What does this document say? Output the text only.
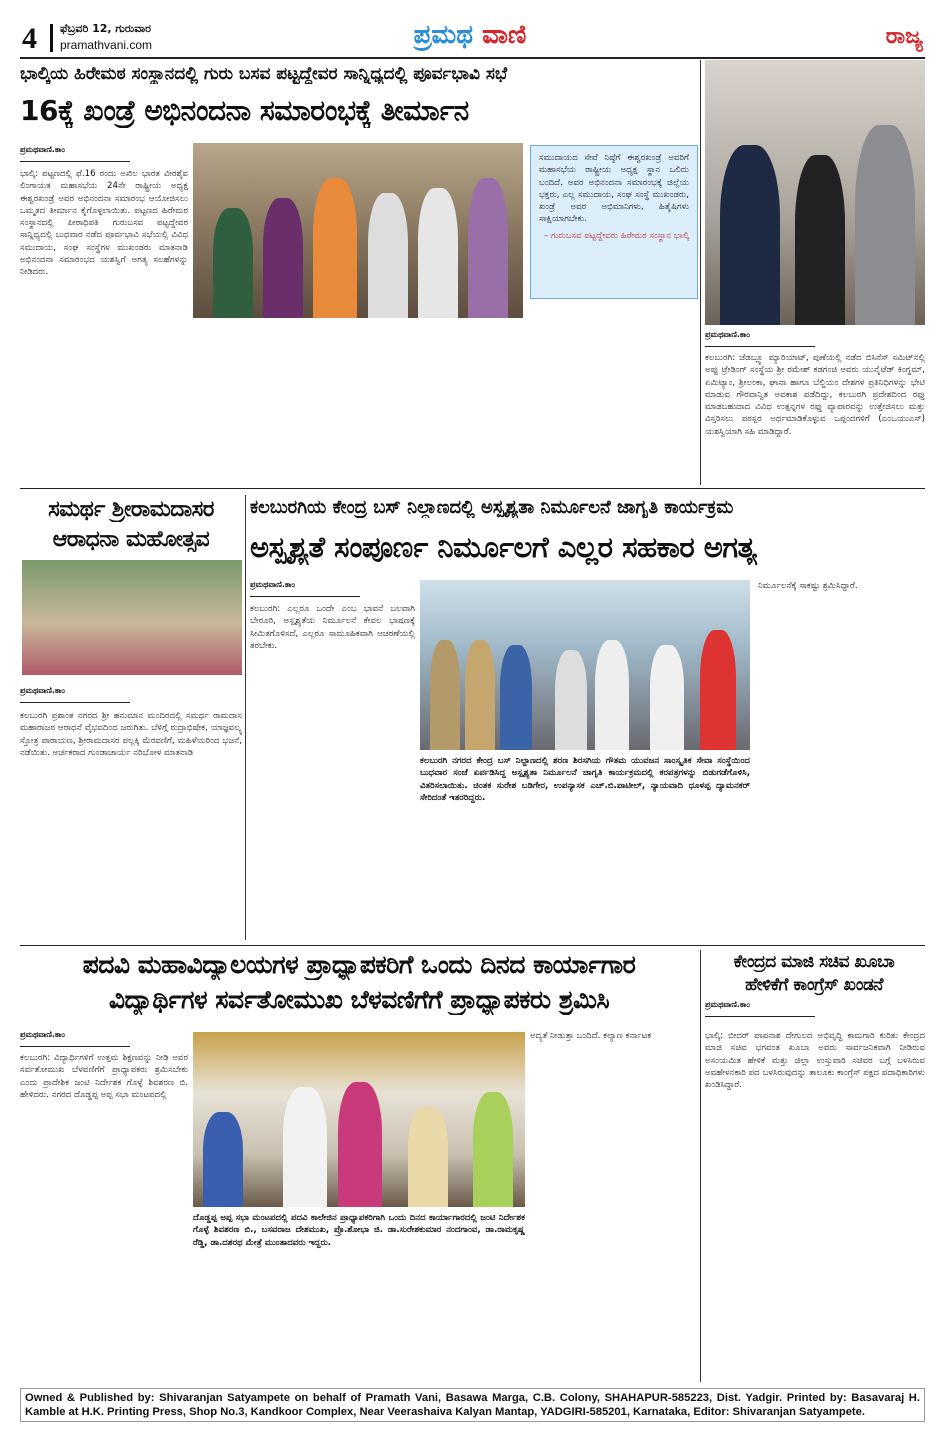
4 ಫೆಬ್ರವರಿ 12, ಗುರುವಾರ
pramathvani.com	ಪ್ರಮಥ ವಾಣಿ	ರಾಜ್ಯ
ಭಾಲ್ಕಿಯ ಹಿರೇಮಠ ಸಂಸ್ಥಾನದಲ್ಲಿ ಗುರು ಬಸವ ಪಟ್ಟದ್ದೇವರ ಸಾನ್ನಿಧ್ಯದಲ್ಲಿ ಪೂರ್ವಭಾವಿ ಸಭೆ
16ಕ್ಕೆ ಖಂಡ್ರೆ ಅಭಿನಂದನಾ ಸಮಾರಂಭಕ್ಕೆ ತೀರ್ಮಾನ
ಪ್ರಮಥವಾಣಿ.ಕಾಂ
ಭಾಲ್ಕಿ: ಪಟ್ಟಣದಲ್ಲಿ ಫೆ.16 ರಂದು ಅಖಿಲ ಭಾರತ ವೀರಶೈವ ಲಿಂಗಾಯತ ಮಹಾಸಭೆಯ 24ನೇ ರಾಷ್ಟ್ರೀಯ ಅಧ್ಯಕ್ಷ ಈಶ್ವರಖಂಡ್ರೆ ಅವರ ಅಭಿನಂದನಾ ಸಮಾರಂಭ ಆಯೋಜಿಸಲು ಒಮ್ಮತದ ತೀರ್ಮಾನ ಕೈಗೊಳ್ಳಲಾಯಿತು. ಪಟ್ಟಣದ ಹಿರೇಮಠ ಸಂಸ್ಥಾನದಲ್ಲಿ ಪೀಠಾಧಿಪತಿ ಗುರುಬಸವ ಪಟ್ಟದ್ದೇವರ ಸಾನ್ನಿಧ್ಯದಲ್ಲಿ ಬುಧವಾರ ನಡೆದ ಪೂರ್ವಭಾವಿ ಸಭೆಯಲ್ಲಿ ವಿವಿಧ ಸಮುದಾಯ, ಸಂಘ ಸಂಸ್ಥೆಗಳ ಮುಖಂಡರು ಮಾತನಾಡಿ ಅಭಿನಂದನಾ ಸಮಾರಂಭದ ಯಶಸ್ವಿಗೆ ಅಗತ್ಯ ಸಲಹೆಗಳನ್ನು ನೀಡಿದರು.
ಸಮುದಾಯದ ಸೇವೆ ನಿಷ್ಠೆಗೆ ಈಶ್ವರಖಂಡ್ರೆ ಅವರಿಗೆ ಮಹಾಸಭೆಯ ರಾಷ್ಟ್ರೀಯ ಅಧ್ಯಕ್ಷ ಸ್ಥಾನ ಒಲಿದು ಬಂದಿದೆ. ಅವರ ಅಭಿನಂದನಾ ಸಮಾರಂಭಕ್ಕೆ ಜಿಲ್ಲೆಯ ಭಕ್ತರು, ಎಲ್ಲ ಸಮುದಾಯ, ಸಂಘ ಸಂಸ್ಥೆ ಮುಖಂಡರು, ಖಂಡ್ರೆ ಅವರ ಅಭಿಮಾನಿಗಳು, ಹಿತೈಷಿಗಳು ಸಾಕ್ಷಿಯಾಗಬೇಕು.
– ಗುರುಬಸವ ಪಟ್ಟದ್ದೇವರು ಹಿರೇಮಠ ಸಂಸ್ಥಾನ ಭಾಲ್ಕಿ
ಪ್ರಮಥವಾಣಿ.ಕಾಂ
ಕಲಬುರಗಿ: ಜೆಡಬ್ಲ್ಯೂ ಮ್ಯಾರಿಯಾಟ್, ಪುಣೆಯಲ್ಲಿ ನಡೆದ ಬಿಸಿನೆಸ್ ಸಮಿಟ್‌ನಲ್ಲಿ ಅಪ್ಪು ಟ್ರೇಡಿಂಗ್ ಸಂಸ್ಥೆಯ ಶ್ರೀ ರಮೇಶ್ ಕಡಗಂಚಿ ಅವರು ಯುನೈಟೆಡ್ ಕಿಂಗ್ಡಮ್, ಏಮಿಟ್ಯಾಂ, ಶ್ರೀಲಂಕಾ, ಘಾನಾ ಹಾಗೂ ಬೆಲ್ಜಿಯಂ ದೇಶಗಳ ಪ್ರತಿನಿಧಿಗಳನ್ನು ಭೇಟಿ ಮಾಡುವ ಗೌರವಾನ್ವಿತ ಅವಕಾಶ ಪಡೆದಿದ್ದು, ಕಲಬುರಗಿ ಪ್ರದೇಶದಿಂದ ರಫ್ತು ಮಾಡಬಹುದಾದ ವಿವಿಧ ಉತ್ಪನ್ನಗಳ ರಫ್ತು ವ್ಯಾಪಾರವನ್ನು ಉತ್ತೇಜಿಸಲು ಮತ್ತು ವಿಸ್ತರಿಸಲು ಪರಸ್ಪರ ಅರ್ಥಮಾಡಿಕೊಳ್ಳುವ ಒಪ್ಪಂದಗಳಿಗೆ (ಎಂಒಯುಎಸ್) ಯಶಸ್ವಿಯಾಗಿ ಸಹಿ ಮಾಡಿದ್ದಾರೆ.
ಸಮರ್ಥ ಶ್ರೀರಾಮದಾಸರ
ಆರಾಧನಾ ಮಹೋತ್ಸವ
ಪ್ರಮಥವಾಣಿ.ಕಾಂ
ಕಲಬುರಗಿ ಪ್ರಶಾಂತ ನಗರದ ಶ್ರೀ ಹನುಮಾನ ಮಂದಿರದಲ್ಲಿ ಸಮರ್ಥ ರಾಮದಾಸ ಮಹಾರಾಜರ ಆರಾಧನೆ ವೈಭವದಿಂದ ಜರುಗಿತು. ಬೆಳಿಗ್ಗೆ ರುದ್ರಾಭಿಷೇಕ, ಯಾಜ್ಞವಲ್ಕ್ಯ ಸ್ತೋತ್ರ ಪಾರಾಯಣ, ಶ್ರೀರಾಮದಾಸರ ಪಲ್ಲಕ್ಕಿ ಮೆರವಣಿಗೆ, ಮಹಿಳೆಯರಿಂದ ಭಜನೆ, ನಡೆಯಿತು. ಅರ್ಚಕರಾದ ಗುಂಡಾಚಾರ್ಯ ನರಿಬೋಳ ಮಾತನಾಡಿ
ಕಲಬುರಗಿಯ ಕೇಂದ್ರ ಬಸ್ ನಿಲ್ದಾಣದಲ್ಲಿ ಅಸ್ಪೃಶ್ಯತಾ ನಿರ್ಮೂಲನೆ ಜಾಗೃತಿ ಕಾರ್ಯಕ್ರಮ
ಅಸ್ಪೃಶ್ಯತೆ ಸಂಪೂರ್ಣ ನಿರ್ಮೂಲಗೆ ಎಲ್ಲರ ಸಹಕಾರ ಅಗತ್ಯ
ಪ್ರಮಥವಾಣಿ.ಕಾಂ
ಕಲಬುರಗಿ: ಎಲ್ಲರೂ ಒಂದೇ ಎಂಬ ಭಾವನೆ ಬಲವಾಗಿ ಬೇರೂರಿ, ಅಸ್ಪೃಶ್ಯತೆಯ ನಿರ್ಮೂಲನೆ ಕೇವಲ ಭಾಷಣಕ್ಕೆ ಸೀಮಿತಗೊಳಿಸದೆ, ಎಲ್ಲರೂ ಸಾಮೂಹಿಕವಾಗಿ ಆಚರಣೆಯಲ್ಲಿ ತರಬೇಕು.
ಕಲಬುರಗಿ ನಗರದ ಕೇಂದ್ರ ಬಸ್ ನಿಲ್ದಾಣದಲ್ಲಿ ಶರಣ ಶಿರಸಗಿಯ ಗೌತಮ ಯುವಜನ ಸಾಂಸ್ಕೃತಿಕ ಸೇವಾ ಸಂಸ್ಥೆಯಿಂದ ಬುಧವಾರ ಸಂಜೆ ಏರ್ಪಡಿಸಿದ್ದ ಅಸ್ಪೃಶ್ಯತಾ ನಿರ್ಮೂಲನೆ ಜಾಗೃತಿ ಕಾರ್ಯಕ್ರಮದಲ್ಲಿ ಕರಪತ್ರಗಳನ್ನು ಬಿಡುಗಡೆಗೊಳಿಸಿ, ವಿತರಿಸಲಾಯಿತು. ಚಿಂತಕ ಸುರೇಶ ಬಡಿಗೇರ, ಉಪನ್ಯಾಸಕ ಎಚ್.ಬಿ.ಪಾಟೀಲ್, ನ್ಯಾಯವಾದಿ ಧೂಳಪ್ಪ ದ್ಯಾಮನಕರ್ ಸೇರಿದಂತೆ ಇತರರಿದ್ದರು.
ನಿರ್ಮೂಲನೆಕ್ಕೆ ಸಾಕಷ್ಟು ಶ್ರಮಿಸಿದ್ದಾರೆ.
ಪದವಿ ಮಹಾವಿದ್ಯಾಲಯಗಳ ಪ್ರಾಧ್ಯಾಪಕರಿಗೆ ಒಂದು ದಿನದ ಕಾರ್ಯಾಗಾರ
ವಿದ್ಯಾರ್ಥಿಗಳ ಸರ್ವತೋಮುಖ ಬೆಳವಣಿಗೆಗೆ ಪ್ರಾಧ್ಯಾಪಕರು ಶ್ರಮಿಸಿ
ಪ್ರಮಥವಾಣಿ.ಕಾಂ
ಕಲಬುರಗಿ: ವಿದ್ಯಾರ್ಥಿಗಳಿಗೆ ಉತ್ತಮ ಶಿಕ್ಷಣವನ್ನು ನೀಡಿ ಅವರ ಸರ್ವತೋಮುಖ ಬೆಳವಣಿಗೆಗೆ ಪ್ರಾಧ್ಯಾಪಕರು ಶ್ರಮಿಸಬೇಕು ಎಂದು ಪ್ರಾದೇಶಿಕ ಜಂಟಿ ನಿರ್ದೇಶಕ ಗೊಳ್ಳೆ ಶಿವಶರಣ ಬಿ. ಹೇಳಿದರು. ನಗರದ ದೊಡ್ಡಪ್ಪ ಅಪ್ಪ ಸಭಾ ಮಂಟಪದಲ್ಲಿ
ದೊಡ್ಡಪ್ಪ ಅಪ್ಪ ಸಭಾ ಮಂಟಪದಲ್ಲಿ ಪದವಿ ಕಾಲೇಜಿನ ಪ್ರಾಧ್ಯಾಪಕರಿಗಾಗಿ ಒಂದು ದಿನದ ಕಾರ್ಯಾಗಾರದಲ್ಲಿ ಜಂಟಿ ನಿರ್ದೇಶಕ ಗೊಳ್ಳೆ ಶಿವಶರಣ ಬಿ., ಬಸವರಾಜ ದೇಶಮುಖ, ಪ್ರೊ.ಶೋಭಾ ಜಿ. ಡಾ.ಸುರೇಶಕುಮಾರ ನಂದಗಾಂವ, ಡಾ.ರಾಮಕೃಷ್ಣ ರೆಡ್ಡಿ, ಡಾ.ದಶರಥ ಮೇತ್ರೆ ಮುಂತಾದವರು ಇದ್ದರು.
ಅದ್ಯತೆ ನೀಡುತ್ತಾ ಬಂದಿದೆ. ಕಲ್ಯಾಣ ಕರ್ನಾಟಕ
ಕೇಂದ್ರದ ಮಾಜಿ ಸಚಿವ ಖೂಬಾ
ಹೇಳಿಕೆಗೆ ಕಾಂಗ್ರೆಸ್ ಖಂಡನೆ
ಪ್ರಮಥವಾಣಿ.ಕಾಂ
ಭಾಲ್ಕಿ: ಬೀದರ್ ಪಾಪನಾಶ ದೇಗುಲದ ಅಭಿವೃದ್ಧಿ ಕಾಮಗಾರಿ ಕುರಿತು ಕೇಂದ್ರದ ಮಾಜಿ ಸಚಿವ ಭಗವಂತ ಖೂಬಾ ಅವರು ಸಾರ್ವಜನಿಕವಾಗಿ ನೀಡಿರುವ ಅಸಂಯಮಿತ ಹೇಳಿಕೆ ಮತ್ತು ಜಿಲ್ಲಾ ಉಸ್ತುವಾರಿ ಸಚಿವರ ಬಗ್ಗೆ ಬಳಸಿರುವ ಅವಹೇಳನಕಾರಿ ಪದ ಬಳಸಿರುವುದನ್ನು ತಾಲೂಕು ಕಾಂಗ್ರೆಸ್ ಪಕ್ಷದ ಪದಾಧಿಕಾರಿಗಳು ಖಂಡಿಸಿದ್ದಾರೆ.
Owned & Published by: Shivaranjan Satyampete on behalf of Pramath Vani, Basawa Marga, C.B. Colony, SHAHAPUR-585223, Dist. Yadgir. Printed by: Basavaraj H. Kamble at H.K. Printing Press, Shop No.3, Kandkoor Complex, Near Veerashaiva Kalyan Mantap, YADGIRI-585201, Karnataka, Editor: Shivaranjan Satyampete.
